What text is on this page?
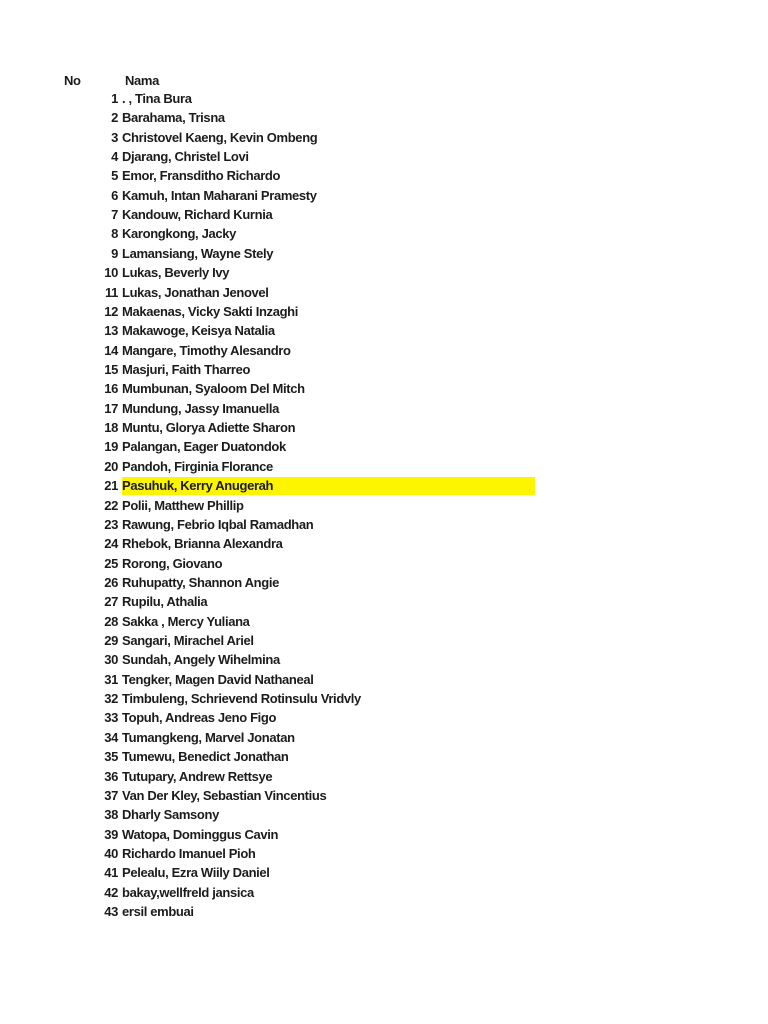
No	Nama
1 . , Tina Bura
2 Barahama, Trisna
3 Christovel Kaeng, Kevin Ombeng
4 Djarang, Christel Lovi
5 Emor, Fransditho Richardo
6 Kamuh, Intan Maharani Pramesty
7 Kandouw, Richard Kurnia
8 Karongkong, Jacky
9 Lamansiang, Wayne Stely
10 Lukas, Beverly Ivy
11 Lukas, Jonathan Jenovel
12 Makaenas, Vicky Sakti Inzaghi
13 Makawoge, Keisya Natalia
14 Mangare, Timothy Alesandro
15 Masjuri, Faith Tharreo
16 Mumbunan, Syaloom Del Mitch
17 Mundung, Jassy Imanuella
18 Muntu, Glorya Adiette Sharon
19 Palangan, Eager Duatondok
20 Pandoh, Firginia Florance
21 Pasuhuk, Kerry Anugerah
22 Polii, Matthew Phillip
23 Rawung, Febrio Iqbal Ramadhan
24 Rhebok, Brianna Alexandra
25 Rorong, Giovano
26 Ruhupatty, Shannon Angie
27 Rupilu, Athalia
28 Sakka , Mercy Yuliana
29 Sangari, Mirachel Ariel
30 Sundah, Angely Wihelmina
31 Tengker, Magen David Nathaneal
32 Timbuleng, Schrievend Rotinsulu Vridvly
33 Topuh, Andreas Jeno Figo
34 Tumangkeng, Marvel Jonatan
35 Tumewu, Benedict Jonathan
36 Tutupary, Andrew Rettsye
37 Van Der Kley, Sebastian Vincentius
38 Dharly Samsony
39 Watopa, Dominggus Cavin
40 Richardo Imanuel Pioh
41 Pelealu, Ezra Wiily Daniel
42 bakay,wellfreld jansica
43 ersil embuai
